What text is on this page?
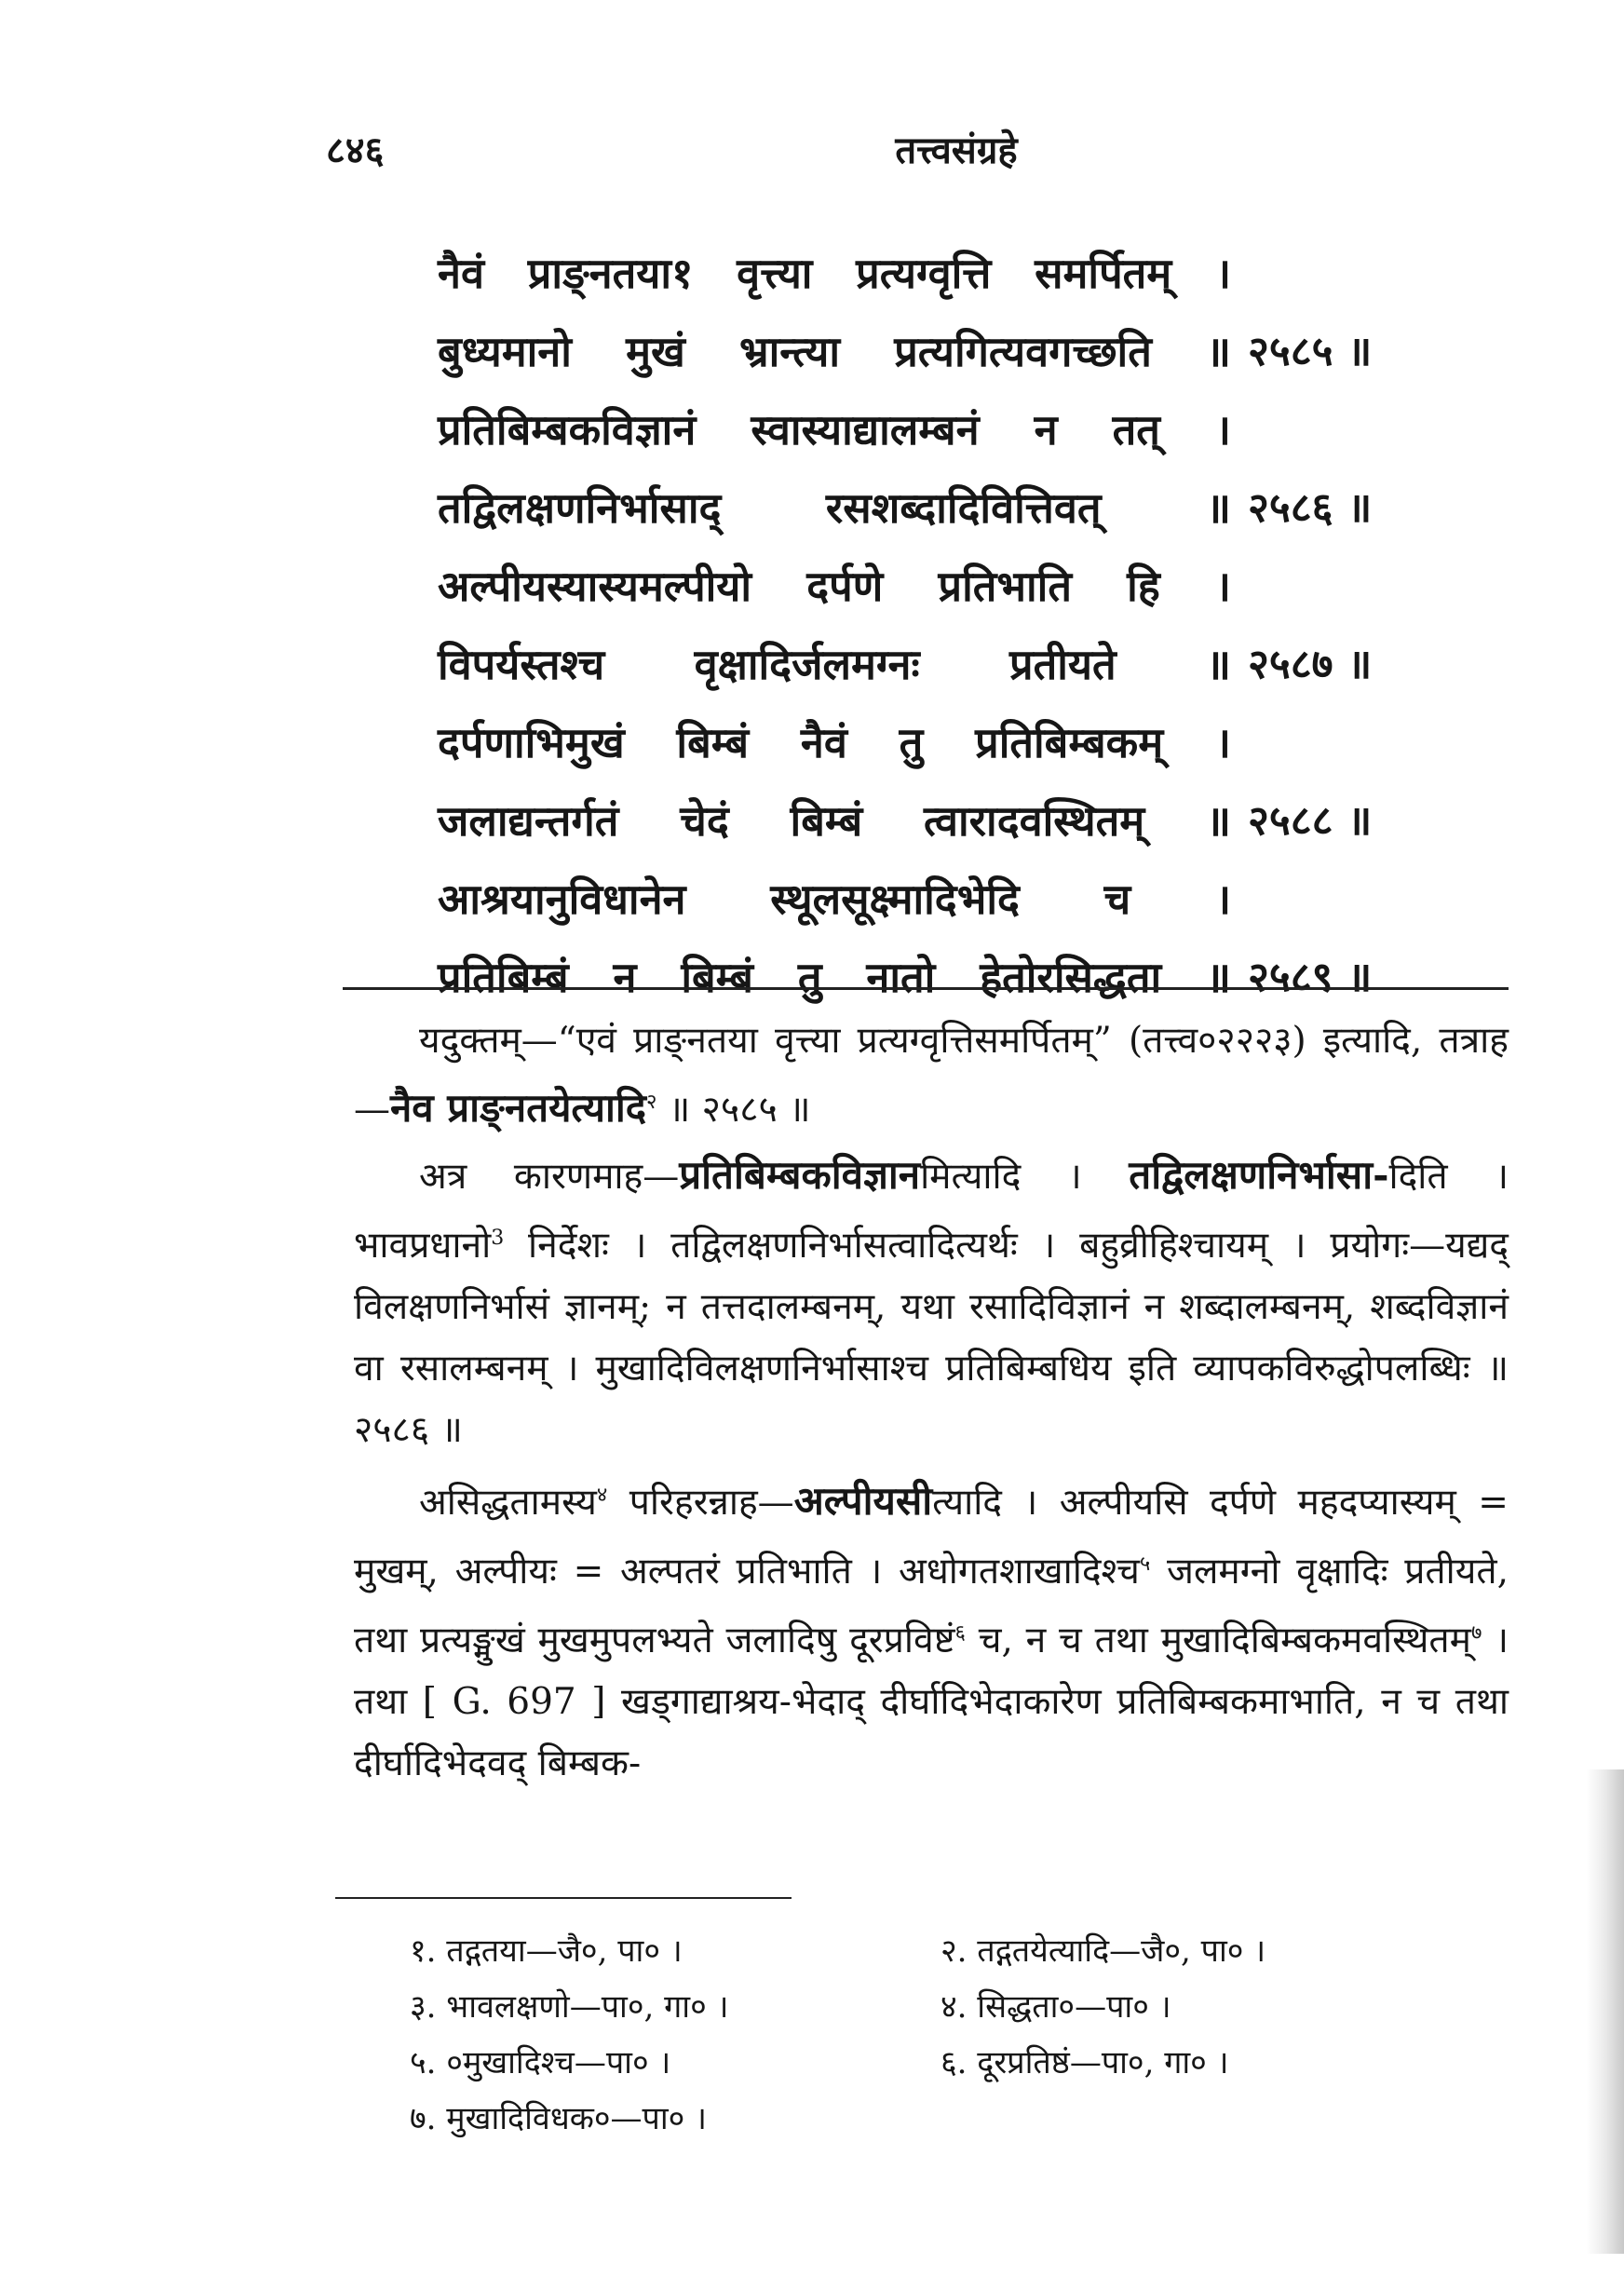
८४६	तत्त्वसंग्रहे
नैवं प्राङ्नतया१ वृत्त्या प्रत्यग्वृत्ति समर्पितम् ।
बुध्यमानो मुखं भ्रान्त्या प्रत्यगित्यवगच्छति ॥ २५८५ ॥
प्रतिबिम्बकविज्ञानं स्वास्याद्यालम्बनं न तत् ।
तद्विलक्षणनिर्भासाद् रसशब्दादिवित्तिवत् ॥ २५८६ ॥
अल्पीयस्यास्यमल्पीयो दर्पणे प्रतिभाति हि ।
विपर्यस्तश्च वृक्षादिर्जलमग्नः प्रतीयते ॥ २५८७ ॥
दर्पणाभिमुखं बिम्बं नैवं तु प्रतिबिम्बकम् ।
जलाद्यन्तर्गतं चेदं बिम्बं त्वारादवस्थितम् ॥ २५८८ ॥
आश्रयानुविधानेन स्थूलसूक्ष्मादिभेदि च ।
प्रतिबिम्बं न बिम्बं तु नातो हेतोरसिद्धता ॥ २५८९ ॥

यदुक्तम्—“एवं प्राङ्नतया वृत्त्या प्रत्यग्वृत्तिसमर्पितम्” (तत्त्व०२२२३) इत्यादि, तत्राह—नैव प्राङ्नतयेत्यादि$^२$ ॥ २५८५ ॥

अत्र कारणमाह—प्रतिबिम्बकविज्ञानमित्यादि । तद्विलक्षणनिर्भासा-दिति । भावप्रधानो$^3$ निर्देशः । तद्विलक्षणनिर्भासत्वादित्यर्थः । बहुव्रीहिश्चायम् । प्रयोगः—यद्यद् विलक्षणनिर्भासं ज्ञानम्; न तत्तदालम्बनम्, यथा रसादिविज्ञानं न शब्दालम्बनम्, शब्दविज्ञानं वा रसालम्बनम् । मुखादिविलक्षणनिर्भासाश्च प्रतिबिम्बधिय इति व्यापकविरुद्धोपलब्धिः ॥ २५८६ ॥

असिद्धतामस्य$^४$ परिहरन्नाह—अल्पीयसीत्यादि । अल्पीयसि दर्पणे महदप्यास्यम् = मुखम्, अल्पीयः = अल्पतरं प्रतिभाति । अधोगतशाखादिश्च$^५$ जलमग्नो वृक्षादिः प्रतीयते, तथा प्रत्यङ्मुखं मुखमुपलभ्यते जलादिषु दूरप्रविष्टं$^६$ च, न च तथा मुखादिबिम्बकमवस्थितम्$^७$ । तथा [ G. 697 ] खड्गाद्याश्रय-भेदाद् दीर्घादिभेदाकारेण प्रतिबिम्बकमाभाति, न च तथा दीर्घादिभेदवद् बिम्बक-

१. तद्गतया—जै०, पा० ।	२. तद्गतयेत्यादि—जै०, पा० ।
३. भावलक्षणो—पा०, गा० ।	४. सिद्धता०—पा० ।
५. ०मुखादिश्च—पा० ।	६. दूरप्रतिष्ठं—पा०, गा० ।
७. मुखादिविधक०—पा० ।
